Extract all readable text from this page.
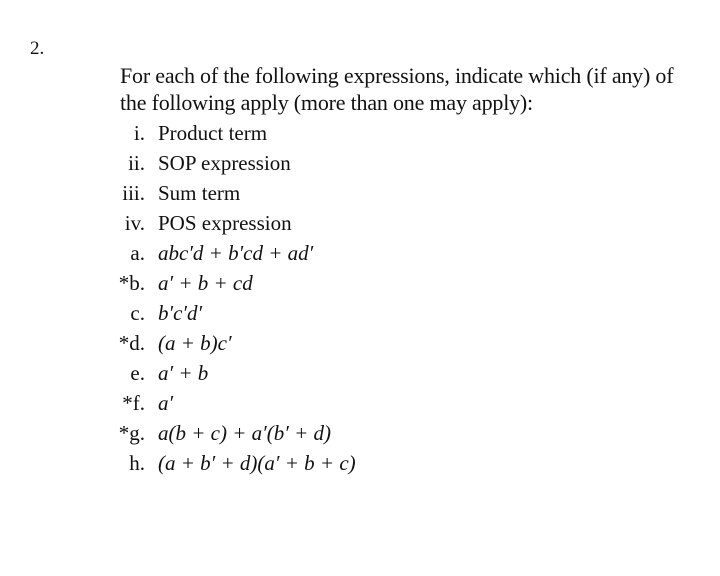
2.
For each of the following expressions, indicate which (if any) of
the following apply (more than one may apply):
i. Product term
ii. SOP expression
iii. Sum term
iv. POS expression
a. abc′d + b′cd + ad′
*b. a′ + b + cd
c. b′c′d′
*d. (a + b)c′
e. a′ + b
*f. a′
*g. a(b + c) + a′(b′ + d)
h. (a + b′ + d)(a′ + b + c)
